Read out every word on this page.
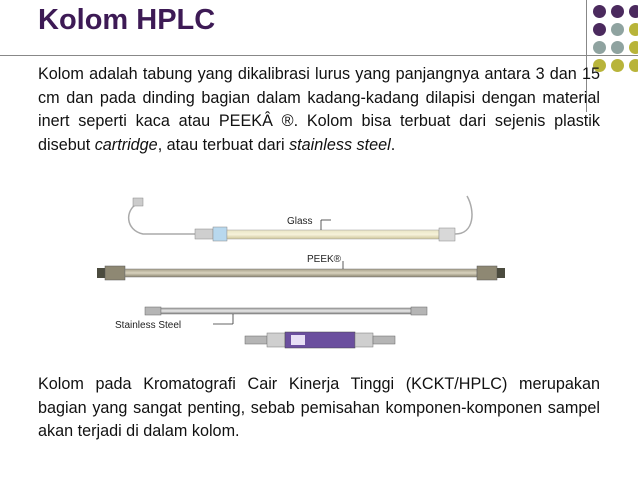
Kolom HPLC

Kolom adalah tabung yang dikalibrasi lurus yang panjangnya antara 3 dan 15 cm dan pada dinding bagian dalam kadang-kadang dilapisi dengan material inert seperti kaca atau PEEKÂ ®. Kolom bisa terbuat dari sejenis plastik disebut cartridge, atau terbuat dari stainless steel.

Glass
PEEK®
Stainless Steel

Kolom pada Kromatografi Cair Kinerja Tinggi (KCKT/HPLC) merupakan bagian yang sangat penting, sebab pemisahan komponen-komponen sampel akan terjadi di dalam kolom.
